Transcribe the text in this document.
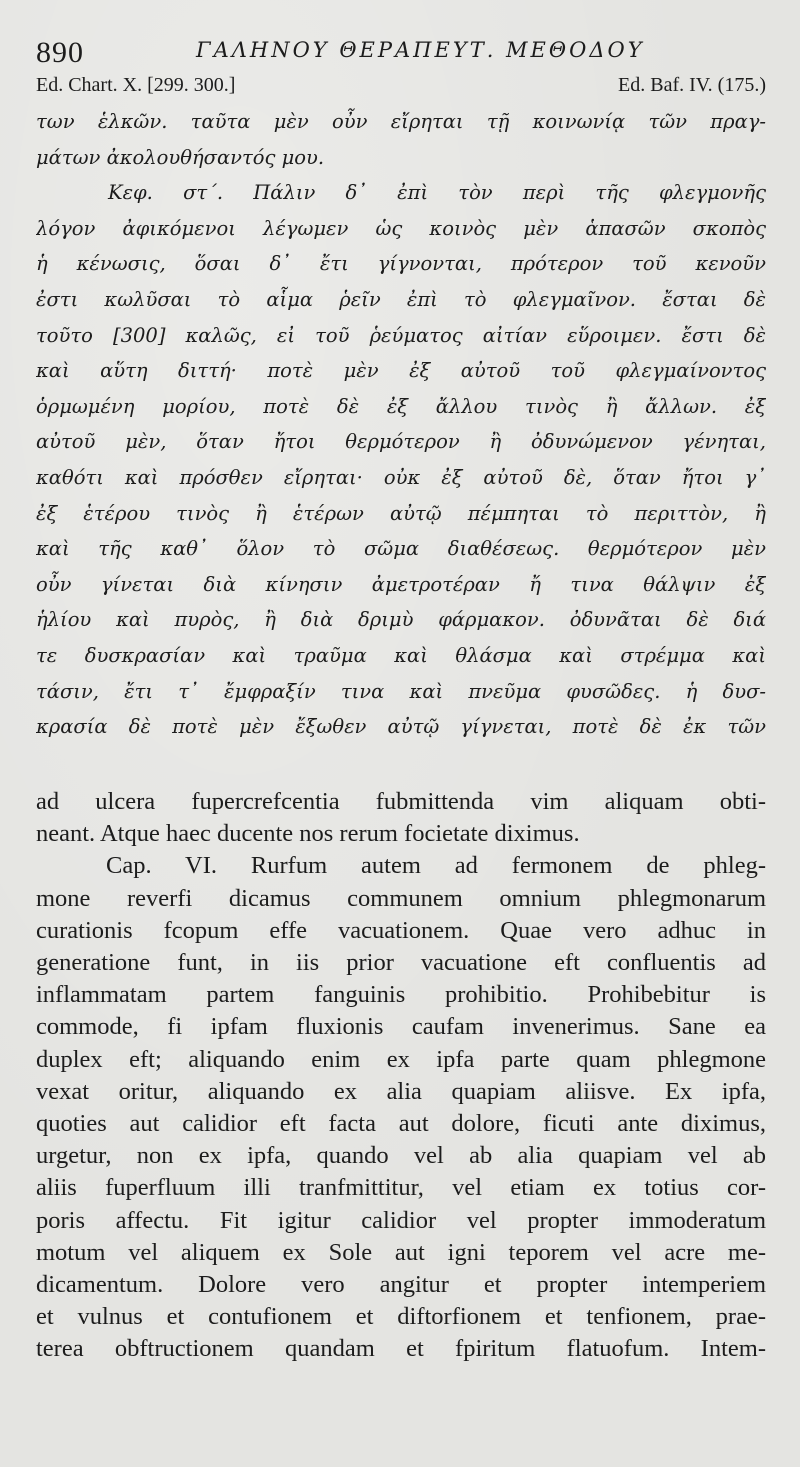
890	ΓΑΛΗΝΟΥ ΘΕΡΑΠΕΥΤ. ΜΕΘΟΔΟΥ
Ed. Chart. X. [299. 300.]	Ed. Baf. IV. (175.)
των ἑλκῶν. ταῦτα μὲν οὖν εἴρηται τῇ κοινωνίᾳ τῶν πραγ-
μάτων ἀκολουθήσαντός μου.
Κεφ. στ΄. Πάλιν δ᾽ ἐπὶ τὸν περὶ τῆς φλεγμονῆς
λόγον ἀφικόμενοι λέγωμεν ὡς κοινὸς μὲν ἁπασῶν σκοπὸς
ἡ κένωσις, ὅσαι δ᾽ ἔτι γίγνονται, πρότερον τοῦ κενοῦν
ἐστι κωλῦσαι τὸ αἷμα ῥεῖν ἐπὶ τὸ φλεγμαῖνον. ἔσται δὲ
τοῦτο [300] καλῶς, εἰ τοῦ ῥεύματος αἰτίαν εὕροιμεν. ἔστι δὲ
καὶ αὕτη διττή· ποτὲ μὲν ἐξ αὐτοῦ τοῦ φλεγμαίνοντος
ὁρμωμένη μορίου, ποτὲ δὲ ἐξ ἄλλου τινὸς ἢ ἄλλων. ἐξ
αὐτοῦ μὲν, ὅταν ἤτοι θερμότερον ἢ ὀδυνώμενον γένηται,
καθότι καὶ πρόσθεν εἴρηται· οὐκ ἐξ αὐτοῦ δὲ, ὅταν ἤτοι γ᾽
ἐξ ἑτέρου τινὸς ἢ ἑτέρων αὐτῷ πέμπηται τὸ περιττὸν, ἢ
καὶ τῆς καθ᾽ ὅλον τὸ σῶμα διαθέσεως. θερμότερον μὲν
οὖν γίνεται διὰ κίνησιν ἀμετροτέραν ἤ τινα θάλψιν ἐξ
ἡλίου καὶ πυρὸς, ἢ διὰ δριμὺ φάρμακον. ὀδυνᾶται δὲ διά
τε δυσκρασίαν καὶ τραῦμα καὶ θλάσμα καὶ στρέμμα καὶ
τάσιν, ἔτι τ᾽ ἔμφραξίν τινα καὶ πνεῦμα φυσῶδες. ἡ δυσ-
κρασία δὲ ποτὲ μὲν ἔξωθεν αὐτῷ γίγνεται, ποτὲ δὲ ἐκ τῶν
ad ulcera fupercrefcentia fubmittenda vim aliquam obti-
neant. Atque haec ducente nos rerum focietate diximus.
Cap. VI. Rurfum autem ad fermonem de phleg-
mone reverfi dicamus communem omnium phlegmonarum
curationis fcopum effe vacuationem. Quae vero adhuc in
generatione funt, in iis prior vacuatione eft confluentis ad
inflammatam partem fanguinis prohibitio. Prohibebitur is
commode, fi ipfam fluxionis caufam invenerimus. Sane ea
duplex eft; aliquando enim ex ipfa parte quam phlegmone
vexat oritur, aliquando ex alia quapiam aliisve. Ex ipfa,
quoties aut calidior eft facta aut dolore, ficuti ante diximus,
urgetur, non ex ipfa, quando vel ab alia quapiam vel ab
aliis fuperfluum illi tranfmittitur, vel etiam ex totius cor-
poris affectu. Fit igitur calidior vel propter immoderatum
motum vel aliquem ex Sole aut igni teporem vel acre me-
dicamentum. Dolore vero angitur et propter intemperiem
et vulnus et contufionem et diftorfionem et tenfionem, prae-
terea obftructionem quandam et fpiritum flatuofum. Intem-
